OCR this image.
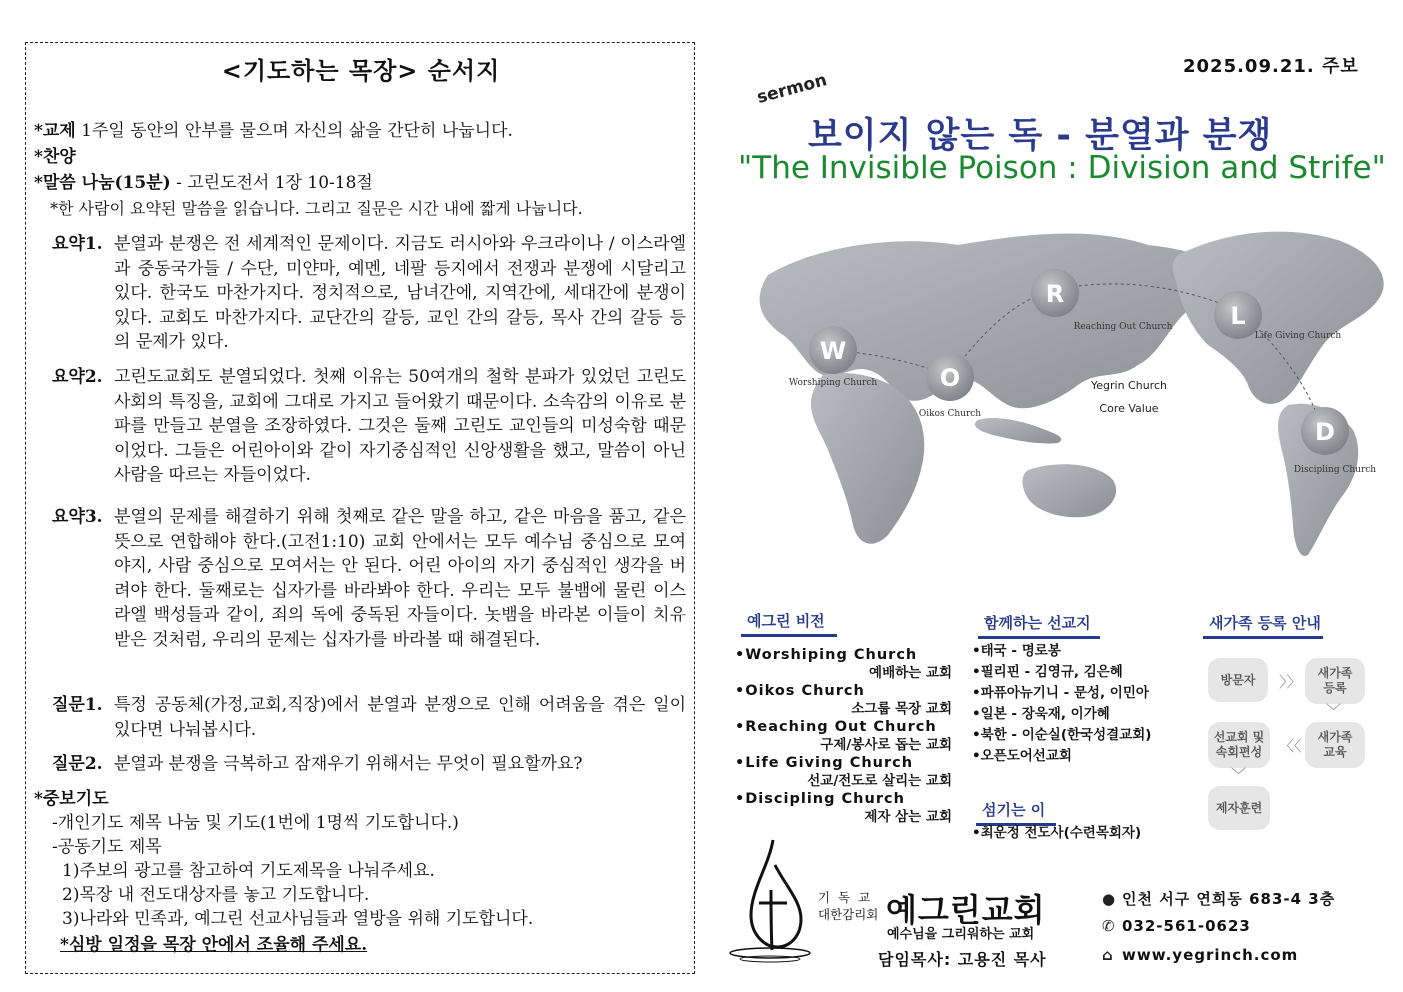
<기도하는 목장> 순서지
*교제 1주일 동안의 안부를 물으며 자신의 삶을 간단히 나눕니다.
*찬양
*말씀 나눔(15분) - 고린도전서 1장 10-18절
*한 사람이 요약된 말씀을 읽습니다. 그리고 질문은 시간 내에 짧게 나눕니다.
요약1. 분열과 분쟁은 전 세계적인 문제이다. 지금도 러시아와 우크라이나 / 이스라엘과 중동국가들 / 수단, 미얀마, 예멘, 네팔 등지에서 전쟁과 분쟁에 시달리고 있다. 한국도 마찬가지다. 정치적으로, 남녀간에, 지역간에, 세대간에 분쟁이 있다. 교회도 마찬가지다. 교단간의 갈등, 교인 간의 갈등, 목사 간의 갈등 등의 문제가 있다.
요약2. 고린도교회도 분열되었다. 첫째 이유는 50여개의 철학 분파가 있었던 고린도 사회의 특징을, 교회에 그대로 가지고 들어왔기 때문이다. 소속감의 이유로 분파를 만들고 분열을 조장하였다. 그것은 둘째 고린도 교인들의 미성숙함 때문이었다. 그들은 어린아이와 같이 자기중심적인 신앙생활을 했고, 말씀이 아닌 사람을 따르는 자들이었다.
요약3. 분열의 문제를 해결하기 위해 첫째로 같은 말을 하고, 같은 마음을 품고, 같은 뜻으로 연합해야 한다.(고전1:10) 교회 안에서는 모두 예수님 중심으로 모여야지, 사람 중심으로 모여서는 안 된다. 어린 아이의 자기 중심적인 생각을 버려야 한다. 둘째로는 십자가를 바라봐야 한다. 우리는 모두 불뱀에 물린 이스라엘 백성들과 같이, 죄의 독에 중독된 자들이다. 놋뱀을 바라본 이들이 치유 받은 것처럼, 우리의 문제는 십자가를 바라볼 때 해결된다.
질문1. 특정 공동체(가정,교회,직장)에서 분열과 분쟁으로 인해 어려움을 겪은 일이 있다면 나눠봅시다.
질문2. 분열과 분쟁을 극복하고 잠재우기 위해서는 무엇이 필요할까요?
*중보기도
-개인기도 제목 나눔 및 기도(1번에 1명씩 기도합니다.)
-공동기도 제목
1)주보의 광고를 참고하여 기도제목을 나눠주세요.
2)목장 내 전도대상자를 놓고 기도합니다.
3)나라와 민족과, 예그린 선교사님들과 열방을 위해 기도합니다.
*심방 일정을 목장 안에서 조율해 주세요.
2025.09.21. 주보
sermon
보이지 않는 독 - 분열과 분쟁
"The Invisible Poison : Division and Strife"
W
Worshiping Church	O
Oikos Church
R
Reaching Out Church L
Life Giving Church
D
Discipling Church
Yegrin Church
Core Value
예그린 비전
•Worshiping Church
예배하는 교회
•Oikos Church
소그룹 목장 교회
•Reaching Out Church
구제/봉사로 돕는 교회
•Life Giving Church
선교/전도로 살리는 교회
•Discipling Church
제자 삼는 교회
함께하는 선교지
•태국 - 명로봉
•필리핀 - 김영규, 김은혜
•파퓨아뉴기니 - 문성, 이민아
•일본 - 장욱재, 이가혜
•북한 - 이순실(한국성결교회)
•오픈도어선교회
섬기는 이
•최운정 전도사(수련목회자)
새가족 등록 안내
방문자	〉〉	새가족
등록
﹀
새가족
교육
〈〈
선교회 및
속회편성
﹀
제자훈련
기 독 교
대한감리회 예그린교회
예수님을 그리워하는 교회
담임목사: 고용진 목사
● 인천 서구 연희동 683-4 3층
✆ 032-561-0623
⌂ www.yegrinch.com
